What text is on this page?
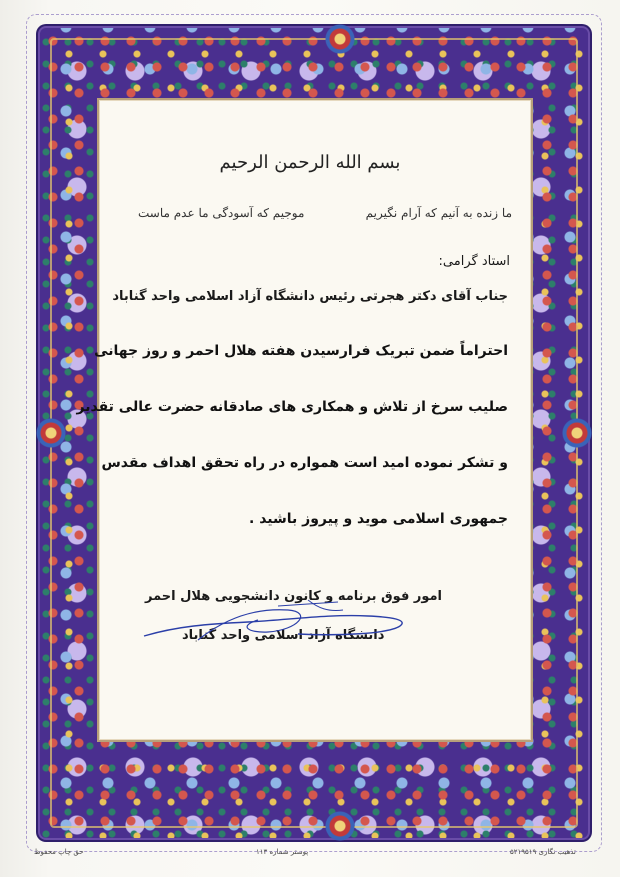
بسم الله الرحمن الرحیم
ما زنده به آنیم که آرام نگیریم
موجیم که آسودگی ما عدم ماست
استاد گرامی:
جناب آقای دکتر هجرتی رئیس دانشگاه آزاد اسلامی واحد گناباد
احتراماً ضمن تبریک فرارسیدن هفته هلال احمر و روز جهانی
صلیب سرخ از تلاش و همکاری های صادقانه حضرت عالی تقدیر
و تشکر نموده امید است همواره در راه تحقق اهداف مقدس
جمهوری اسلامی موید و پیروز باشید .
امور فوق برنامه و کانون دانشجویی هلال احمر
دانشگاه آزاد اسلامی واحد گناباد
حق چاپ محفوظ	پوستر شماره ۱۱۳	تذهیب نگاری ۵۲۱۹۵۱۹
